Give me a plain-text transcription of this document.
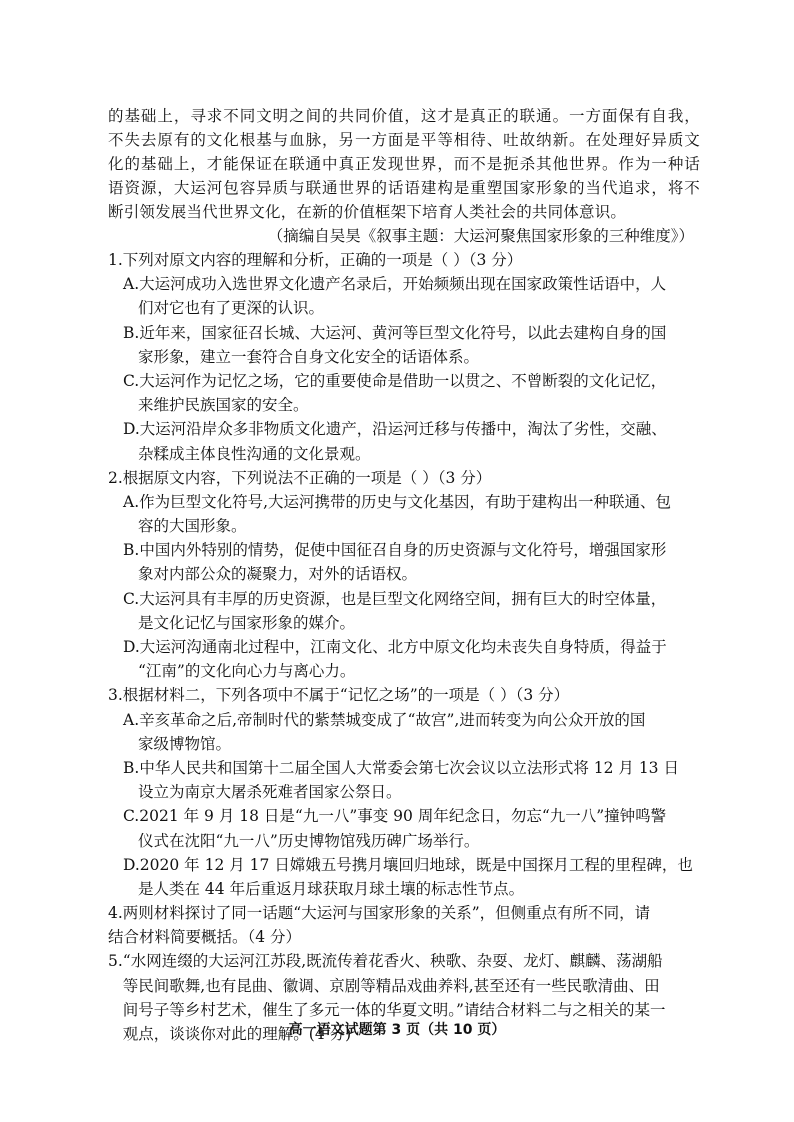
的基础上，寻求不同文明之间的共同价值，这才是真正的联通。一方面保有自我，
不失去原有的文化根基与血脉，另一方面是平等相待、吐故纳新。在处理好异质文
化的基础上，才能保证在联通中真正发现世界，而不是扼杀其他世界。作为一种话
语资源，大运河包容异质与联通世界的话语建构是重塑国家形象的当代追求，将不
断引领发展当代世界文化，在新的价值框架下培育人类社会的共同体意识。
（摘编自吴昊《叙事主题：大运河聚焦国家形象的三种维度》）
1.下列对原文内容的理解和分析，正确的一项是（ ）（3 分）
A.大运河成功入选世界文化遗产名录后，开始频频出现在国家政策性话语中，人
们对它也有了更深的认识。
B.近年来，国家征召长城、大运河、黄河等巨型文化符号，以此去建构自身的国
家形象，建立一套符合自身文化安全的话语体系。
C.大运河作为记忆之场，它的重要使命是借助一以贯之、不曾断裂的文化记忆，
来维护民族国家的安全。
D.大运河沿岸众多非物质文化遗产，沿运河迁移与传播中，淘汰了劣性，交融、
杂糅成主体良性沟通的文化景观。
2.根据原文内容，下列说法不正确的一项是（ ）（3 分）
A.作为巨型文化符号,大运河携带的历史与文化基因，有助于建构出一种联通、包
容的大国形象。
B.中国内外特别的情势，促使中国征召自身的历史资源与文化符号，增强国家形
象对内部公众的凝聚力，对外的话语权。
C.大运河具有丰厚的历史资源，也是巨型文化网络空间，拥有巨大的时空体量，
是文化记忆与国家形象的媒介。
D.大运河沟通南北过程中，江南文化、北方中原文化均未丧失自身特质，得益于
“江南”的文化向心力与离心力。
3.根据材料二，下列各项中不属于“记忆之场”的一项是（ ）（3 分）
A.辛亥革命之后,帝制时代的紫禁城变成了“故宫”,进而转变为向公众开放的国
家级博物馆。
B.中华人民共和国第十二届全国人大常委会第七次会议以立法形式将 12 月 13 日
设立为南京大屠杀死难者国家公祭日。
C.2021 年 9 月 18 日是“九一八”事变 90 周年纪念日，勿忘“九一八”撞钟鸣警
仪式在沈阳“九一八”历史博物馆残历碑广场举行。
D.2020 年 12 月 17 日嫦娥五号携月壤回归地球，既是中国探月工程的里程碑，也
是人类在 44 年后重返月球获取月球土壤的标志性节点。
4.两则材料探讨了同一话题“大运河与国家形象的关系”，但侧重点有所不同，请
结合材料简要概括。（4 分）
5.“水网连缀的大运河江苏段,既流传着花香火、秧歌、杂耍、龙灯、麒麟、荡湖船
等民间歌舞,也有昆曲、徽调、京剧等精品戏曲养料,甚至还有一些民歌清曲、田
间号子等乡村艺术，催生了多元一体的华夏文明。”请结合材料二与之相关的某一
观点，谈谈你对此的理解。(4 分)
高一语文试题第 3 页（共 10 页）
